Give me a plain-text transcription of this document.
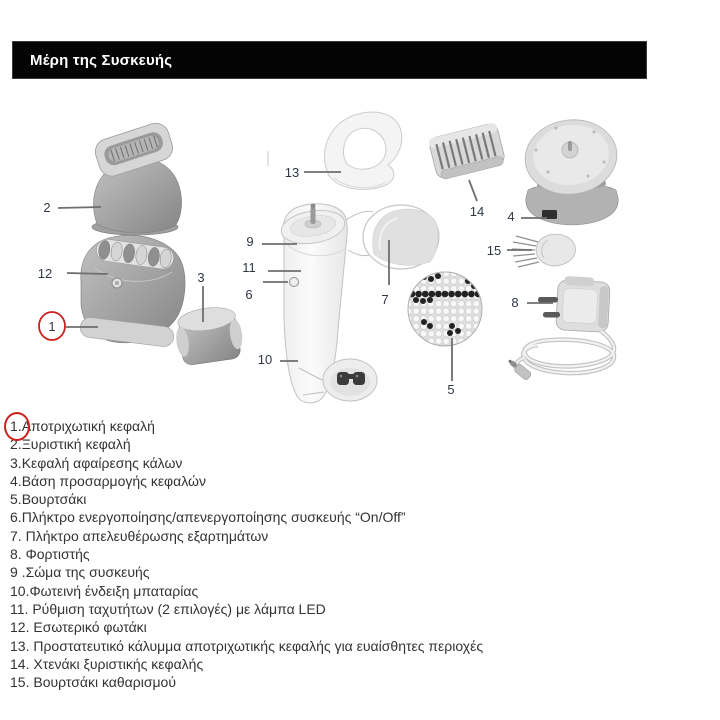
Μέρη της Συσκευής
2
12
1
3
13
9
11
6
10
7
5
14 4
15
8
1.Αποτριχωτική κεφαλή
2.Ξυριστική κεφαλή
3.Κεφαλή αφαίρεσης κάλων
4.Βάση προσαρμογής κεφαλών
5.Βουρτσάκι
6.Πλήκτρο ενεργοποίησης/απενεργοποίησης συσκευής “On/Off”
7. Πλήκτρο απελευθέρωσης εξαρτημάτων
8. Φορτιστής
9 .Σώμα της συσκευής
10.Φωτεινή ένδειξη μπαταρίας
11. Ρύθμιση ταχυτήτων (2 επιλογές) με λάμπα LED
12. Εσωτερικό φωτάκι
13. Προστατευτικό κάλυμμα αποτριχωτικής κεφαλής για ευαίσθητες περιοχές
14. Χτενάκι ξυριστικής κεφαλής
15. Βουρτσάκι καθαρισμού
